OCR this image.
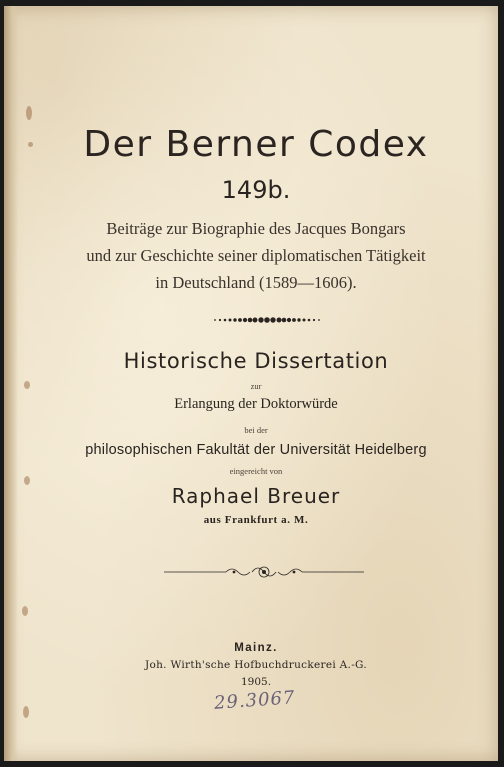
Der Berner Codex
149b.
Beiträge zur Biographie des Jacques Bongars
und zur Geschichte seiner diplomatischen Tätigkeit
in Deutschland (1589—1606).
Historische Dissertation
zur
Erlangung der Doktorwürde
bei der
philosophischen Fakultät der Universität Heidelberg
eingereicht von
Raphael Breuer
aus Frankfurt a. M.
Mainz.
Joh. Wirth'sche Hofbuchdruckerei A.-G.
1905.
29.3067
